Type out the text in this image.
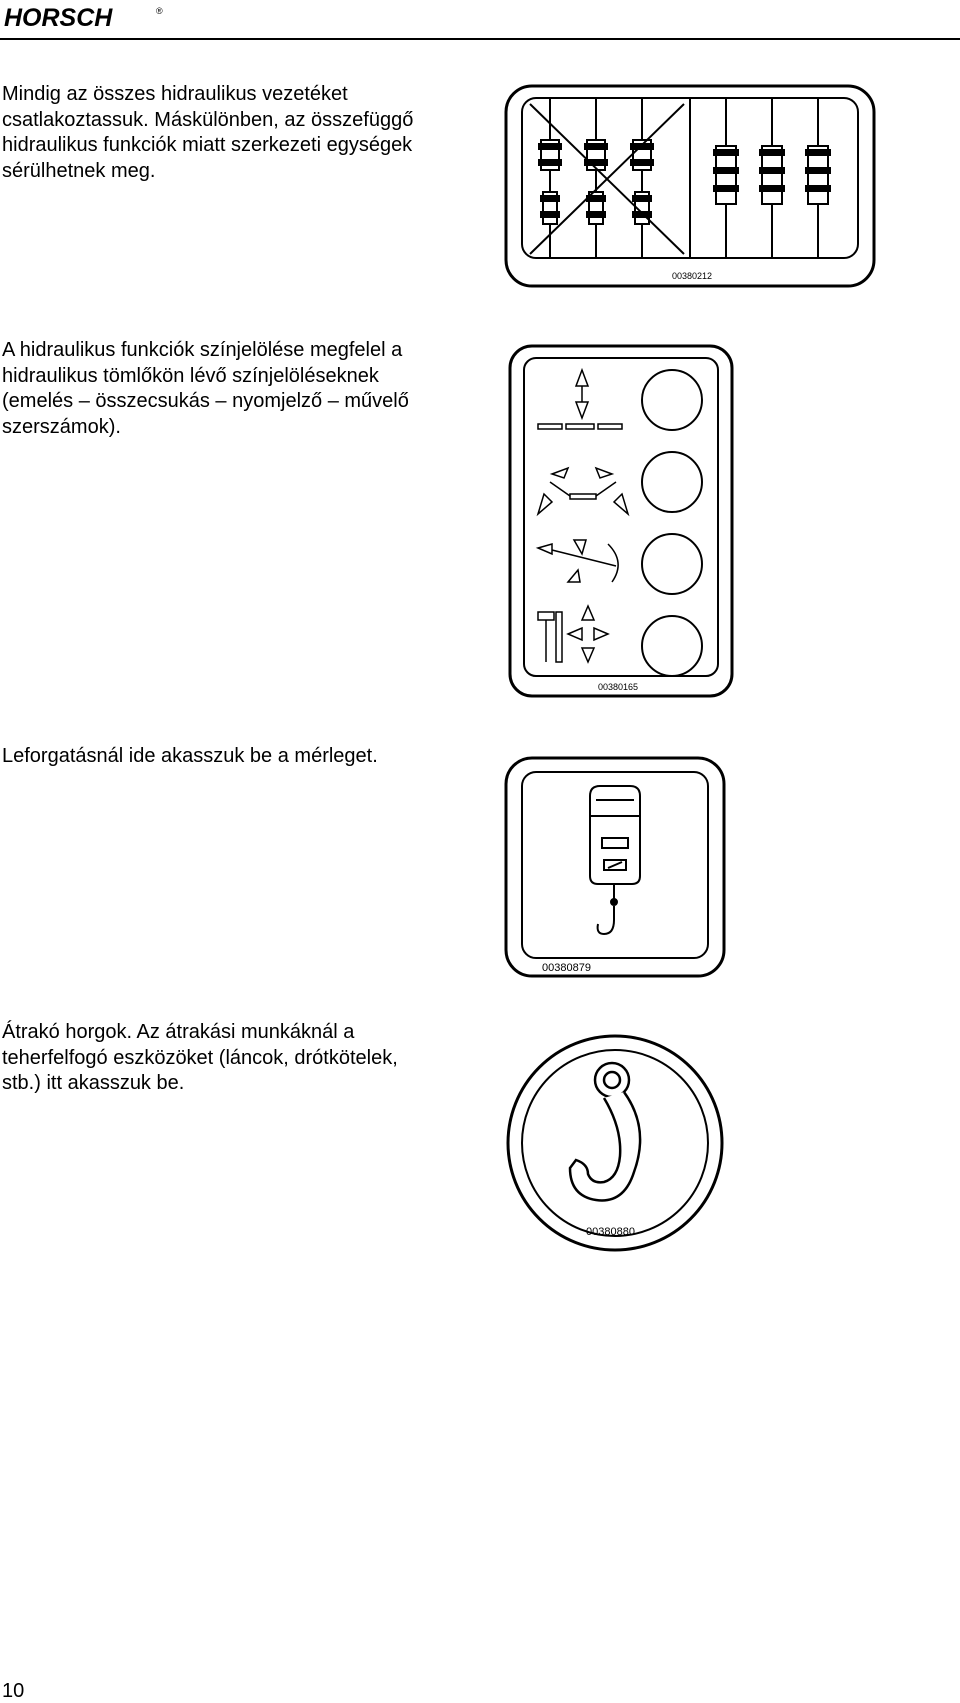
HORSCH	®

Mindig az összes hidraulikus vezetéket
csatlakoztassuk. Máskülönben, az összefüggő
hidraulikus funkciók miatt szerkezeti egységek
sérülhetnek meg.

00380212

A hidraulikus funkciók színjelölése megfelel a
hidraulikus tömlőkön lévő színjelöléseknek
(emelés – összecsukás – nyomjelző – művelő
szerszámok).

00380165

Leforgatásnál ide akasszuk be a mérleget.

00380879

Átrakó horgok. Az átrakási munkáknál a
teherfelfogó eszközöket (láncok, drótkötelek,
stb.) itt akasszuk be.

00380880
10
